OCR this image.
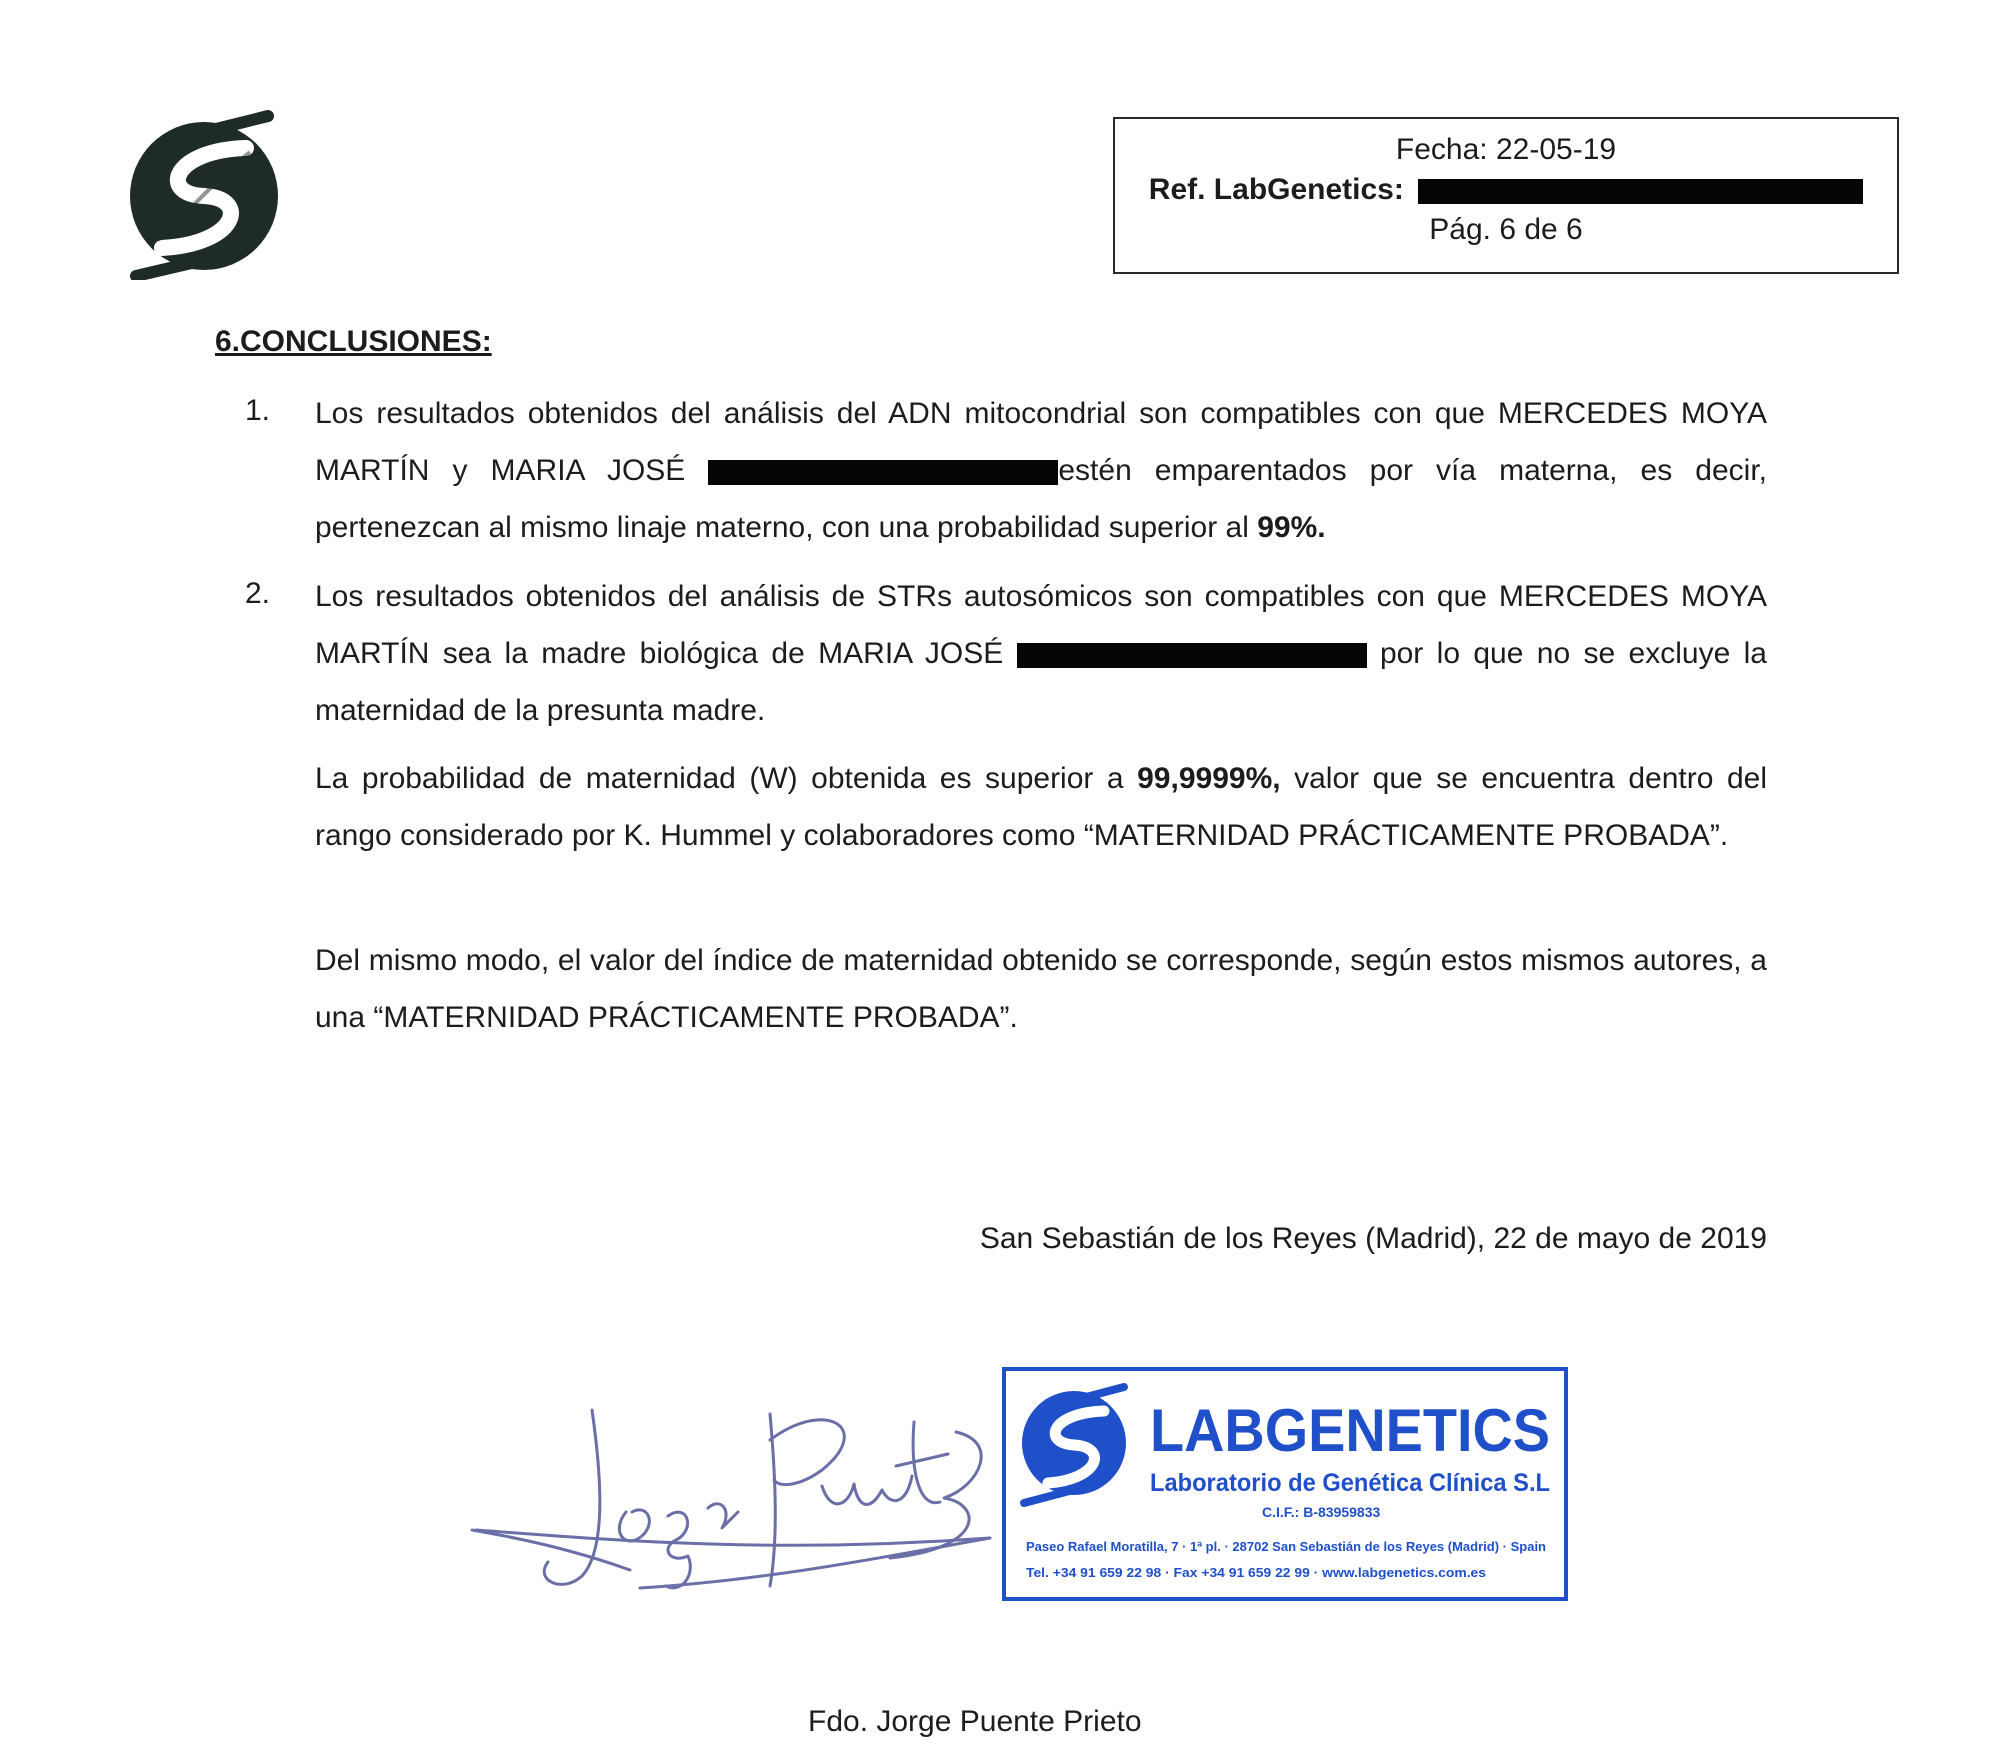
Fecha: 22-05-19
Ref. LabGenetics:
Pág. 6 de 6
6.CONCLUSIONES:
1. Los resultados obtenidos del análisis del ADN mitocondrial son compatibles con que MERCEDES MOYA MARTÍN y MARIA JOSÉ	estén emparentados por vía materna, es decir, pertenezcan al mismo linaje materno, con una probabilidad superior al 99%.
2. Los resultados obtenidos del análisis de STRs autosómicos son compatibles con que MERCEDES MOYA MARTÍN sea la madre biológica de MARIA JOSÉ	por lo que no se excluye la maternidad de la presunta madre.
La probabilidad de maternidad (W) obtenida es superior a 99,9999%, valor que se encuentra dentro del rango considerado por K. Hummel y colaboradores como “MATERNIDAD PRÁCTICAMENTE PROBADA”.
Del mismo modo, el valor del índice de maternidad obtenido se corresponde, según estos mismos autores, a una “MATERNIDAD PRÁCTICAMENTE PROBADA”.
San Sebastián de los Reyes (Madrid), 22 de mayo de 2019
LABGENETICS
Laboratorio de Genética Clínica S.L
C.I.F.: B-83959833
Paseo Rafael Moratilla, 7 · 1ª pl. · 28702 San Sebastián de los Reyes (Madrid) · Spain
Tel. +34 91 659 22 98 · Fax +34 91 659 22 99 · www.labgenetics.com.es
Fdo. Jorge Puente Prieto
